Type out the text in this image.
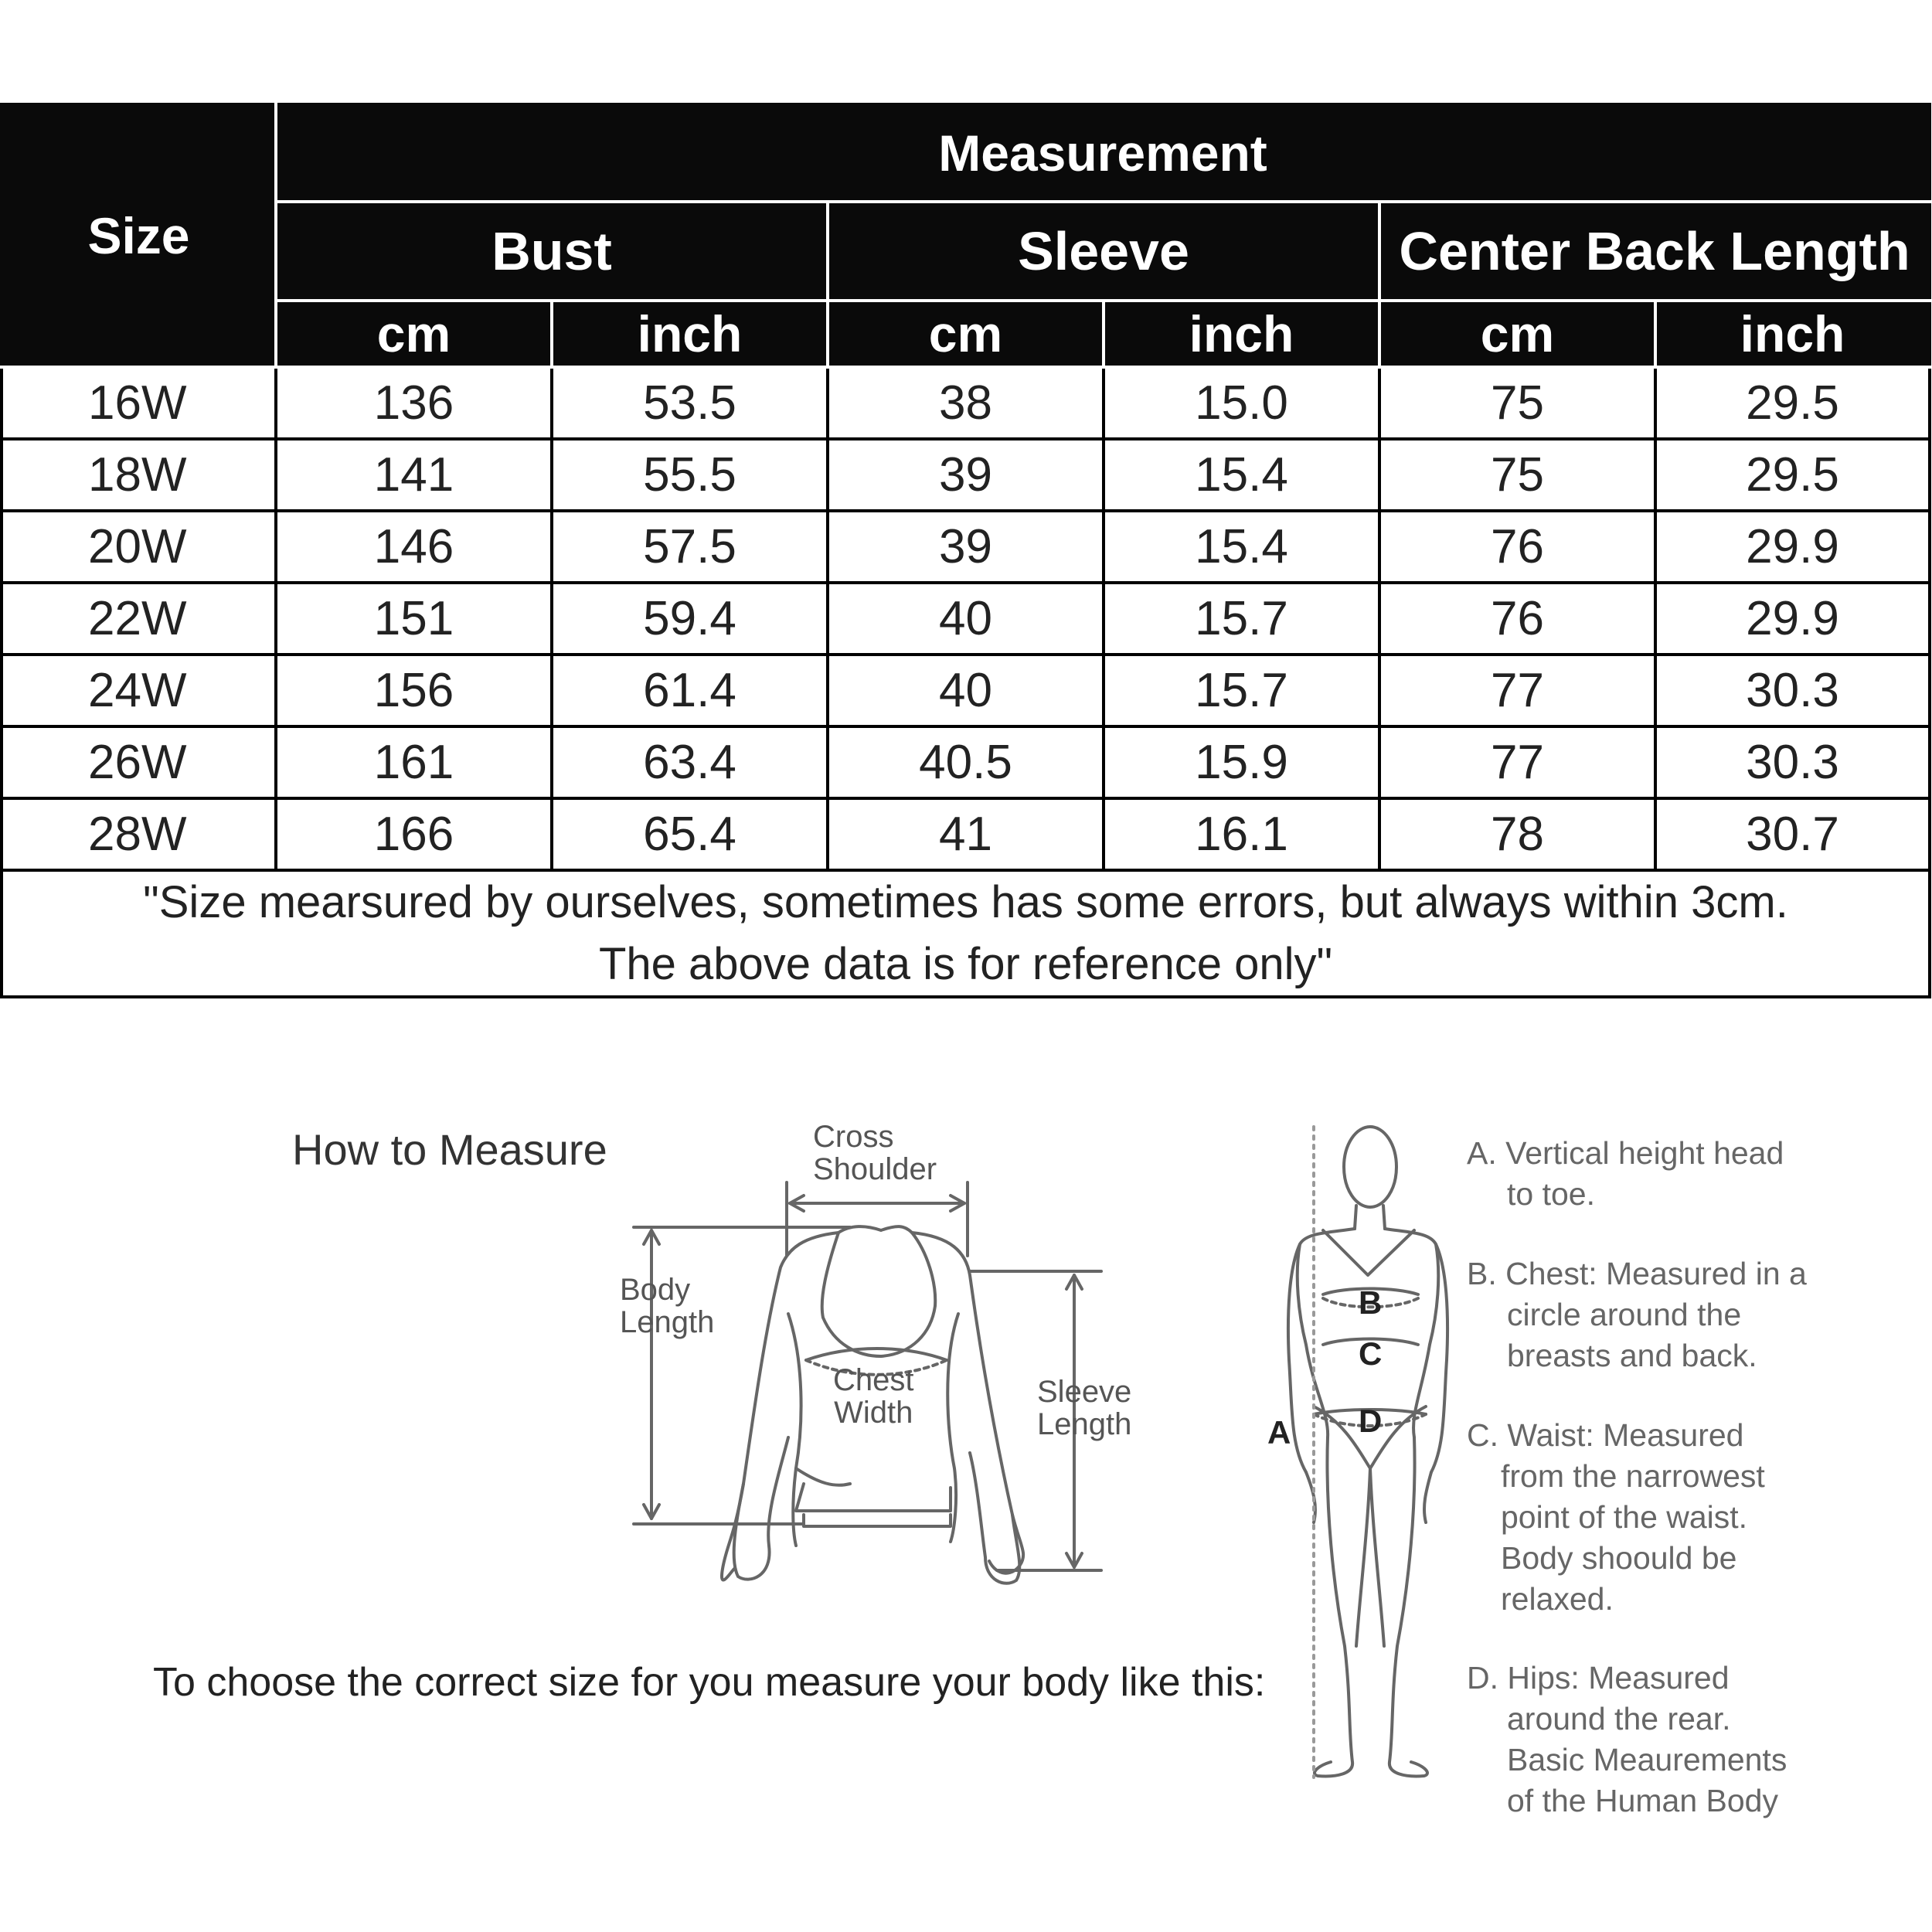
Size	Measurement					
	Bust		Sleeve		Center Back Length	
	cm	inch	cm	inch	cm	inch
16W	136	53.5	38	15.0	75	29.5
18W	141	55.5	39	15.4	75	29.5
20W	146	57.5	39	15.4	76	29.9
22W	151	59.4	40	15.7	76	29.9
24W	156	61.4	40	15.7	77	30.3
26W	161	63.4	40.5	15.9	77	30.3
28W	166	65.4	41	16.1	78	30.7

"Size mearsured by ourselves, sometimes has some errors, but always within 3cm.
The above data is for reference only"						
How to Measure
To choose the correct size for you measure your body like this:
Cross
Shoulder
Body
Length
Chest
Width
Sleeve
Length	A
B
C
D
A. Vertical height head
to toe.
B. Chest: Measured in a
circle around the
breasts and back.
C. Waist: Measured
from the narrowest
point of the waist.
Body shoould be
relaxed.
D. Hips: Measured
around the rear.
Basic Meaurements
of the Human Body
